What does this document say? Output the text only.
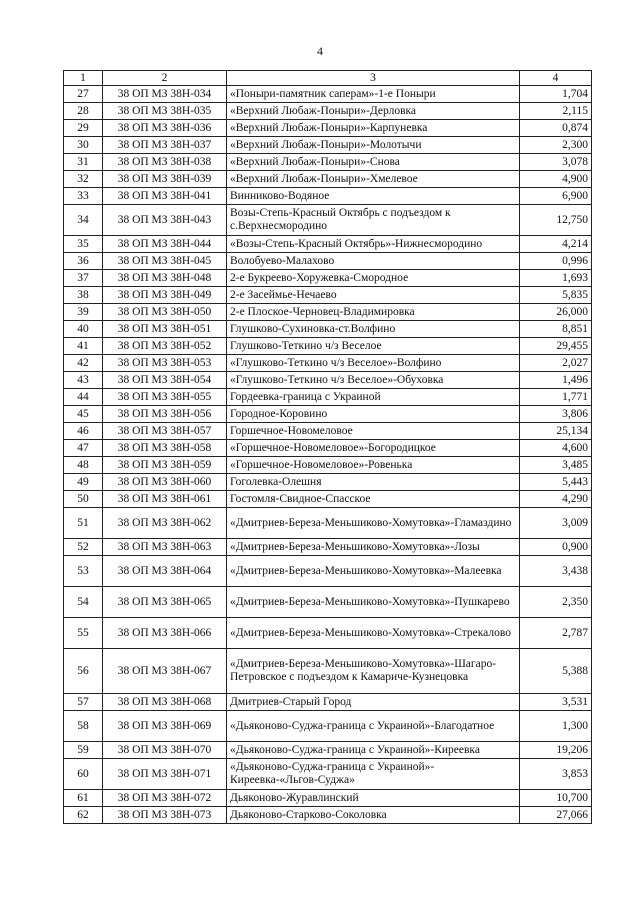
4
1	2	3	4
27	38 ОП МЗ 38Н-034	«Поныри-памятник саперам»-1-е Поныри	1,704
28	38 ОП МЗ 38Н-035	«Верхний Любаж-Поныри»-Дерловка	2,115
29	38 ОП МЗ 38Н-036	«Верхний Любаж-Поныри»-Карпуневка	0,874
30	38 ОП МЗ 38Н-037	«Верхний Любаж-Поныри»-Молотычи	2,300
31	38 ОП МЗ 38Н-038	«Верхний Любаж-Поныри»-Снова	3,078
32	38 ОП МЗ 38Н-039	«Верхний Любаж-Поныри»-Хмелевое	4,900
33	38 ОП МЗ 38Н-041	Винниково-Водяное	6,900
34	38 ОП МЗ 38Н-043	Возы-Степь-Красный Октябрь с подъездом к с.Верхнесмородино	12,750
35	38 ОП МЗ 38Н-044	«Возы-Степь-Красный Октябрь»-Нижнесмородино	4,214
36	38 ОП МЗ 38Н-045	Волобуево-Малахово	0,996
37	38 ОП МЗ 38Н-048	2-е Букреево-Хоружевка-Смородное	1,693
38	38 ОП МЗ 38Н-049	2-е Засеймье-Нечаево	5,835
39	38 ОП МЗ 38Н-050	2-е Плоское-Черновец-Владимировка	26,000
40	38 ОП МЗ 38Н-051	Глушково-Сухиновка-ст.Волфино	8,851
41	38 ОП МЗ 38Н-052	Глушково-Теткино ч/з Веселое	29,455
42	38 ОП МЗ 38Н-053	«Глушково-Теткино ч/з Веселое»-Волфино	2,027
43	38 ОП МЗ 38Н-054	«Глушково-Теткино ч/з Веселое»-Обуховка	1,496
44	38 ОП МЗ 38Н-055	Гордеевка-граница с Украиной	1,771
45	38 ОП МЗ 38Н-056	Городное-Коровино	3,806
46	38 ОП МЗ 38Н-057	Горшечное-Новомеловое	25,134
47	38 ОП МЗ 38Н-058	«Горшечное-Новомеловое»-Богородицкое	4,600
48	38 ОП МЗ 38Н-059	«Горшечное-Новомеловое»-Ровенька	3,485
49	38 ОП МЗ 38Н-060	Гоголевка-Олешня	5,443
50	38 ОП МЗ 38Н-061	Гостомля-Свидное-Спасское	4,290
51	38 ОП МЗ 38Н-062	«Дмитриев-Береза-Меньшиково-Хомутовка»-Гламаздино	3,009
52	38 ОП МЗ 38Н-063	«Дмитриев-Береза-Меньшиково-Хомутовка»-Лозы	0,900
53	38 ОП МЗ 38Н-064	«Дмитриев-Береза-Меньшиково-Хомутовка»-Малеевка	3,438
54	38 ОП МЗ 38Н-065	«Дмитриев-Береза-Меньшиково-Хомутовка»-Пушкарево	2,350
55	38 ОП МЗ 38Н-066	«Дмитриев-Береза-Меньшиково-Хомутовка»-Стрекалово	2,787
56	38 ОП МЗ 38Н-067	«Дмитриев-Береза-Меньшиково-Хомутовка»-Шагаро-Петровское с подъездом к Камариче-Кузнецовка	5,388
57	38 ОП МЗ 38Н-068	Дмитриев-Старый Город	3,531
58	38 ОП МЗ 38Н-069	«Дьяконово-Суджа-граница с Украиной»-Благодатное	1,300
59	38 ОП МЗ 38Н-070	«Дьяконово-Суджа-граница с Украиной»-Киреевка	19,206
60	38 ОП МЗ 38Н-071	«Дьяконово-Суджа-граница с Украиной»-Киреевка-«Льгов-Суджа»	3,853
61	38 ОП МЗ 38Н-072	Дьяконово-Журавлинский	10,700
62	38 ОП МЗ 38Н-073	Дьяконово-Старково-Соколовка	27,066
